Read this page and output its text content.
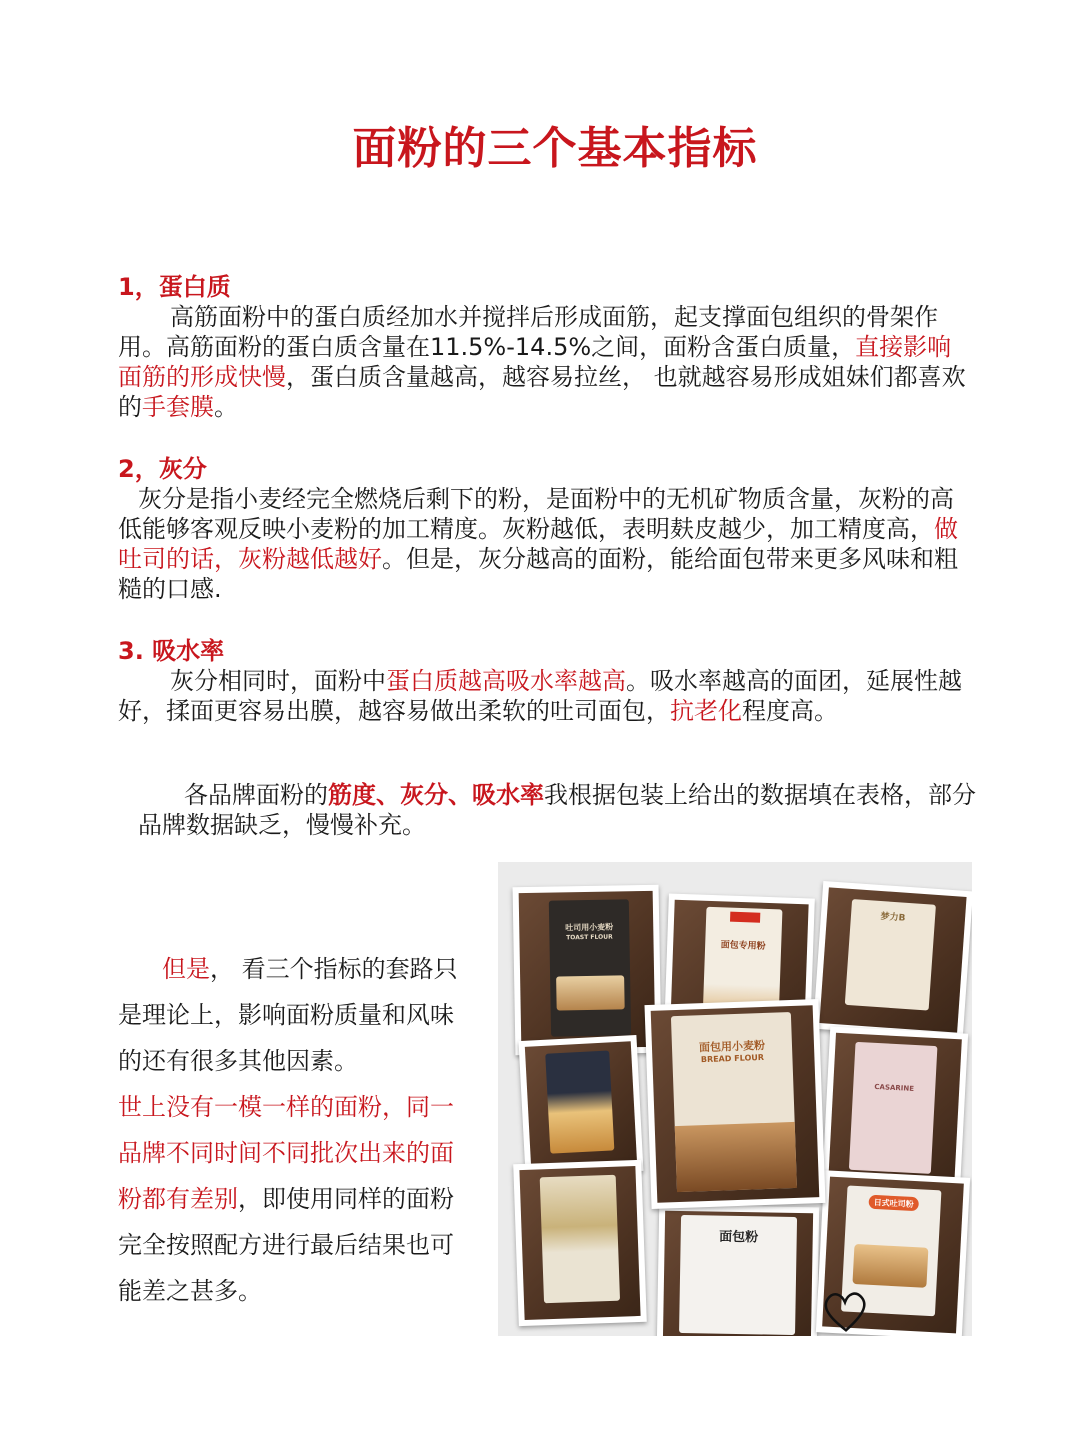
面粉的三个基本指标
1，蛋白质

高筋面粉中的蛋白质经加水并搅拌后形成面筋，起支撑面包组织的骨架作用。高筋面粉的蛋白质含量在11.5%-14.5%之间，面粉含蛋白质量，直接影响面筋的形成快慢，蛋白质含量越高，越容易拉丝， 也就越容易形成姐妹们都喜欢的手套膜。

2，灰分

灰分是指小麦经完全燃烧后剩下的粉，是面粉中的无机矿物质含量，灰粉的高低能够客观反映小麦粉的加工精度。灰粉越低，表明麸皮越少，加工精度高，做吐司的话，灰粉越低越好。但是，灰分越高的面粉，能给面包带来更多风味和粗糙的口感.

3. 吸水率

灰分相同时，面粉中蛋白质越高吸水率越高。吸水率越高的面团，延展性越好，揉面更容易出膜，越容易做出柔软的吐司面包，抗老化程度高。

各品牌面粉的筋度、灰分、吸水率我根据包装上给出的数据填在表格，部分品牌数据缺乏，慢慢补充。
但是， 看三个指标的套路只是理论上，影响面粉质量和风味的还有很多其他因素。
世上没有一模一样的面粉，同一品牌不同时间不同批次出来的面粉都有差别，即使用同样的面粉完全按照配方进行最后结果也可能差之甚多。
吐司用小麦粉
TOAST FLOUR
面包专用粉
梦力B
面包用小麦粉
BREAD FLOUR
CASARINE
面包粉
日式吐司粉
